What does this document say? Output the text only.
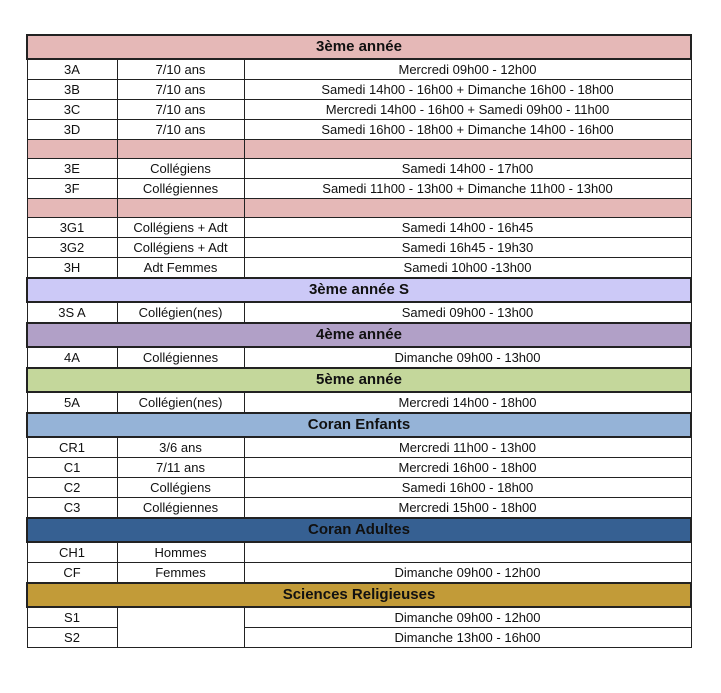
3ème année		
3A	7/10 ans	Mercredi 09h00 - 12h00
3B	7/10 ans	Samedi 14h00 - 16h00 + Dimanche 16h00 - 18h00
3C	7/10 ans	Mercredi 14h00 - 16h00 + Samedi 09h00 - 11h00
3D	7/10 ans	Samedi 16h00 - 18h00 + Dimanche 14h00 - 16h00

3E	Collégiens	Samedi 14h00 - 17h00
3F	Collégiennes	Samedi 11h00 - 13h00 + Dimanche 11h00 - 13h00

3G1	Collégiens + Adt	Samedi 14h00 - 16h45
3G2	Collégiens + Adt	Samedi 16h45 - 19h30
3H	Adt Femmes	Samedi 10h00 -13h00
3ème année S		
3S A	Collégien(nes)	Samedi 09h00 - 13h00
4ème année		
4A	Collégiennes	Dimanche 09h00 - 13h00
5ème année		
5A	Collégien(nes)	Mercredi 14h00 - 18h00
Coran Enfants		
CR1	3/6 ans	Mercredi 11h00 - 13h00
C1	7/11 ans	Mercredi 16h00 - 18h00
C2	Collégiens	Samedi 16h00 - 18h00
C3	Collégiennes	Mercredi 15h00 - 18h00
Coran Adultes		
CH1	Hommes	
CF	Femmes	Dimanche 09h00 - 12h00
Sciences Religieuses		
S1		Dimanche 09h00 - 12h00
S2		Dimanche 13h00 - 16h00
